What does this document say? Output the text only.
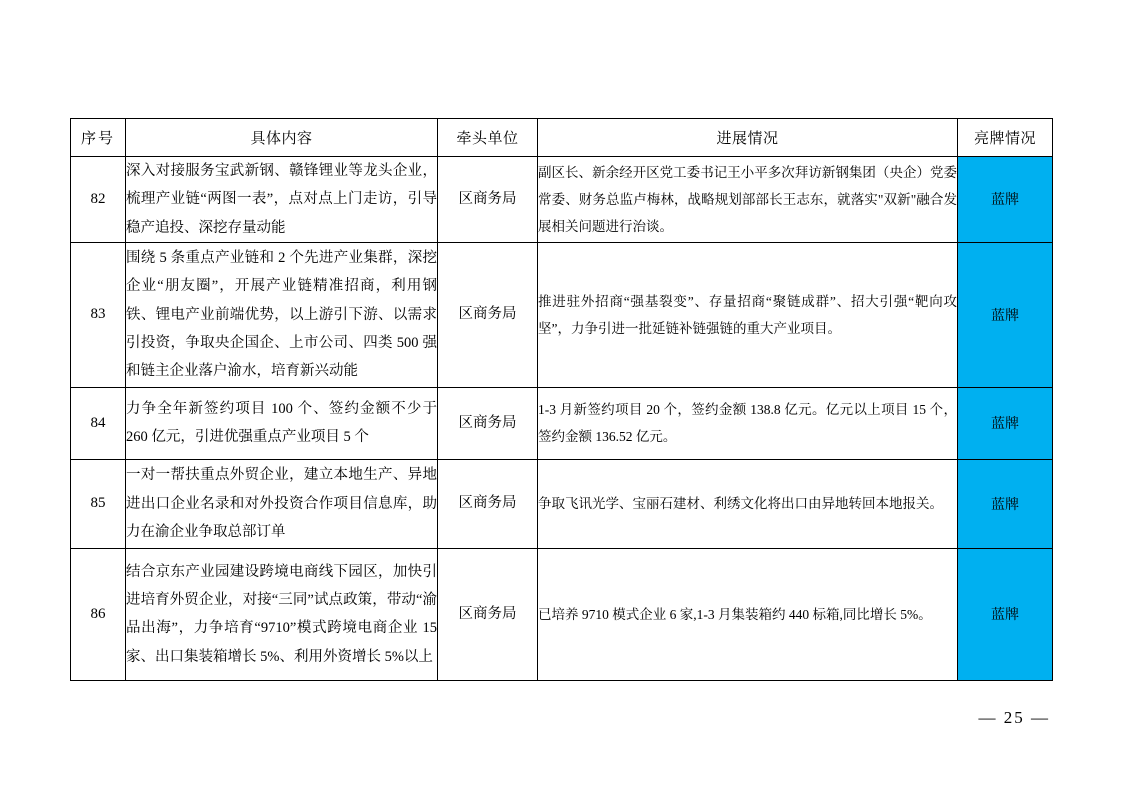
序号	具体内容	牵头单位	进展情况	亮牌情况
82	深入对接服务宝武新钢、赣锋锂业等龙头企业，梳理产业链“两图一表”，点对点上门走访，引导稳产追投、深挖存量动能	区商务局	副区长、新余经开区党工委书记王小平多次拜访新钢集团（央企）党委常委、财务总监卢梅林，战略规划部部长王志东，就落实"双新"融合发展相关问题进行治谈。	蓝牌
83	围绕 5 条重点产业链和 2 个先进产业集群，深挖企业“朋友圈”，开展产业链精准招商，利用钢铁、锂电产业前端优势，以上游引下游、以需求引投资，争取央企国企、上市公司、四类 500 强和链主企业落户渝水，培育新兴动能	区商务局	推进驻外招商“强基裂变”、存量招商“聚链成群”、招大引强“靶向攻坚”，力争引进一批延链补链强链的重大产业项目。	蓝牌
84	力争全年新签约项目 100 个、签约金额不少于 260 亿元，引进优强重点产业项目 5 个	区商务局	1-3 月新签约项目 20 个，签约金额 138.8 亿元。亿元以上项目 15 个，签约金额 136.52 亿元。	蓝牌
85	一对一帮扶重点外贸企业，建立本地生产、异地进出口企业名录和对外投资合作项目信息库，助力在渝企业争取总部订单	区商务局	争取飞讯光学、宝丽石建材、利绣文化将出口由异地转回本地报关。	蓝牌
86	结合京东产业园建设跨境电商线下园区，加快引进培育外贸企业，对接“三同”试点政策，带动“渝品出海”，力争培育“9710”模式跨境电商企业 15 家、出口集装箱增长 5%、利用外资增长 5%以上	区商务局	已培养 9710 模式企业 6 家,1-3 月集装箱约 440 标箱,同比增长 5%。	蓝牌
— 25 —
